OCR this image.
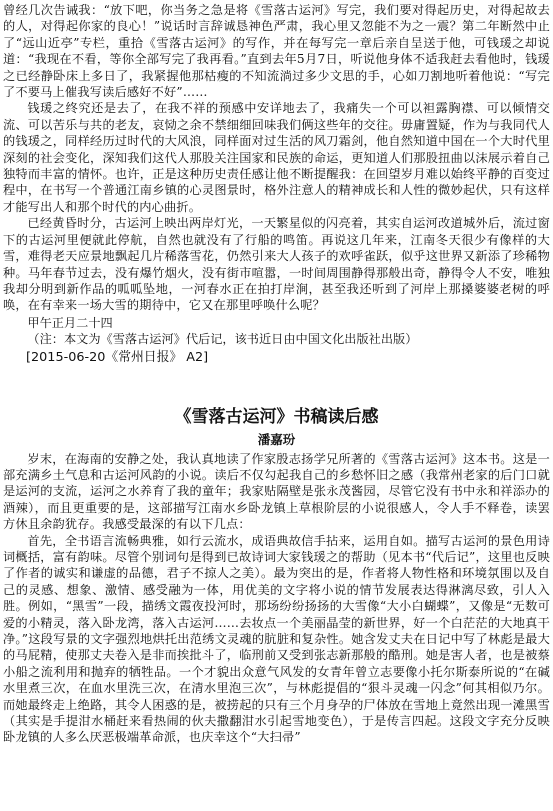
曾经几次告诫我：“放下吧，你当务之急是将《雪落古运河》写完，我们要对得起历史，对得起故去的人，对得起你家的良心！”说话时言辞诚恳神色严肃，我心里又忽能不为之一震？第二年断然中止了“远山近亭”专栏，重拾《雪落古运河》的写作，并在每写完一章后亲自呈送于他，可钱瑗之却说道：“我现在不看，等你全部写完了我再看。”直到去年5月7日，听说他身体不适我赶去看他时，钱瑗之已经静卧床上多日了，我紧握他那枯瘦的不知流淌过多少文思的手，心如刀割地听着他说：“写完了不要马上催我写读后感好不好”……

钱瑗之终究还是去了，在我不祥的预感中安详地去了，我痛失一个可以袒露胸襟、可以倾情交流、可以苦乐与共的老友，哀恸之余不禁细细回味我们俩这些年的交往。毋庸置疑，作为与我同代人的钱瑗之，同样经历过时代的大风浪，同样面对过生活的风刀霜剑，他自然知道中国在一个大时代里深刻的社会变化，深知我们这代人那股关注国家和民族的命运，更知道人们那股扭曲以沫展示着自己独特而丰富的情怀。也许，正是这种历史责任感让他不断提醒我：在回望岁月难以始终平静的百变过程中，在书写一个普通江南乡镇的心灵图景时，格外注意人的精神成长和人性的微妙起伏，只有这样才能写出人和那个时代的内心曲折。

已经黄昏时分，古运河上映出两岸灯光，一天繁星似的闪亮着，其实自运河改道城外后，流过窗下的古运河里便就此停航，自然也就没有了行船的鸣笛。再说这几年来，江南冬天很少有像样的大雪，难得老天应景地飘起几片稀落雪花，仍然引来大人孩子的欢呼雀跃，似乎这世界又新添了珍稀物种。马年春节过去，没有爆竹烟火，没有街市喧嚣，一时间周围静得那般出奇，静得令人不安，唯独我却分明到新作品的呱呱坠地，一河春水正在拍打岸涧，甚至我还听到了河岸上那搡婆婆老树的呼唤，在有幸来一场大雪的期待中，它又在那里呼唤什么呢？

甲午正月二十四
（注：本文为《雪落古运河》代后记，该书近日由中国文化出版社出版）
[2015-06-20《常州日报》 A2]
《雪落古运河》书稿读后感
潘嘉玢

岁末，在海南的安静之处，我认真地读了作家殷志扬学兄所著的《雪落古运河》这本书。这是一部充满乡土气息和古运河风韵的小说。读后不仅勾起我自己的乡愁怀旧之感（我常州老家的后门口就是运河的支流，运河之水养育了我的童年；我家贴隔壁是张永茂酱园，尽管它没有书中永和祥添办的酒辣），而且更重要的是，这部描写江南水乡卧龙镇上草根阶层的小说很感人，令人手不释卷，读罢方休且余韵犹存。我感受最深的有以下几点：

首先，全书语言流畅典雅，如行云流水，成语典故信手拈来，运用自如。描写古运河的景色用诗词概括，富有韵味。尽管个别词句是得到已故诗词大家钱瑗之的帮助（见本书“代后记”，这里也反映了作者的诚实和谦虚的品德，君子不掠人之美）。最为突出的是，作者将人物性格和环境氛围以及自己的灵感、想象、激情、感受融为一体，用优美的文字将小说的情节发展表达得淋漓尽致，引人入胜。例如，“黑雪”一段，描绣文霞夜投河时，那场纷纷扬扬的大雪像“大小白蝴蝶”，又像是“无数可爱的小精灵，落入卧龙湾，落入古运河……去妆点一个美丽晶莹的新世界，好一个白茫茫的大地真干净。”这段写景的文字强烈地烘托出范绣文灵魂的肮脏和复杂性。她含发丈夫在日记中写了林彪是最大的马屁精，使那丈夫卷入是非而挨批斗了，临刑前又受到张志新那般的酷刑。她是害人者，也是被蔡小船之流利用和抛弃的牺牲品。一个才貌出众意气风发的女青年曾立志要像小托尔斯泰所说的“在碱水里煮三次，在血水里洗三次，在清水里泡三次”，与林彪提倡的“狠斗灵魂一闪念”何其相似乃尔。而她最终走上绝路，其令人困惑的是，被捞起的只有三个月身孕的尸体放在雪地上竟然出现一滩黑雪（其实是手提泔水桶赶来看热闹的伙夫撒翻泔水引起雪地变色），于是传言四起。这段文字充分反映卧龙镇的人多么厌恶极端革命派，也庆幸这个“大扫帚”
